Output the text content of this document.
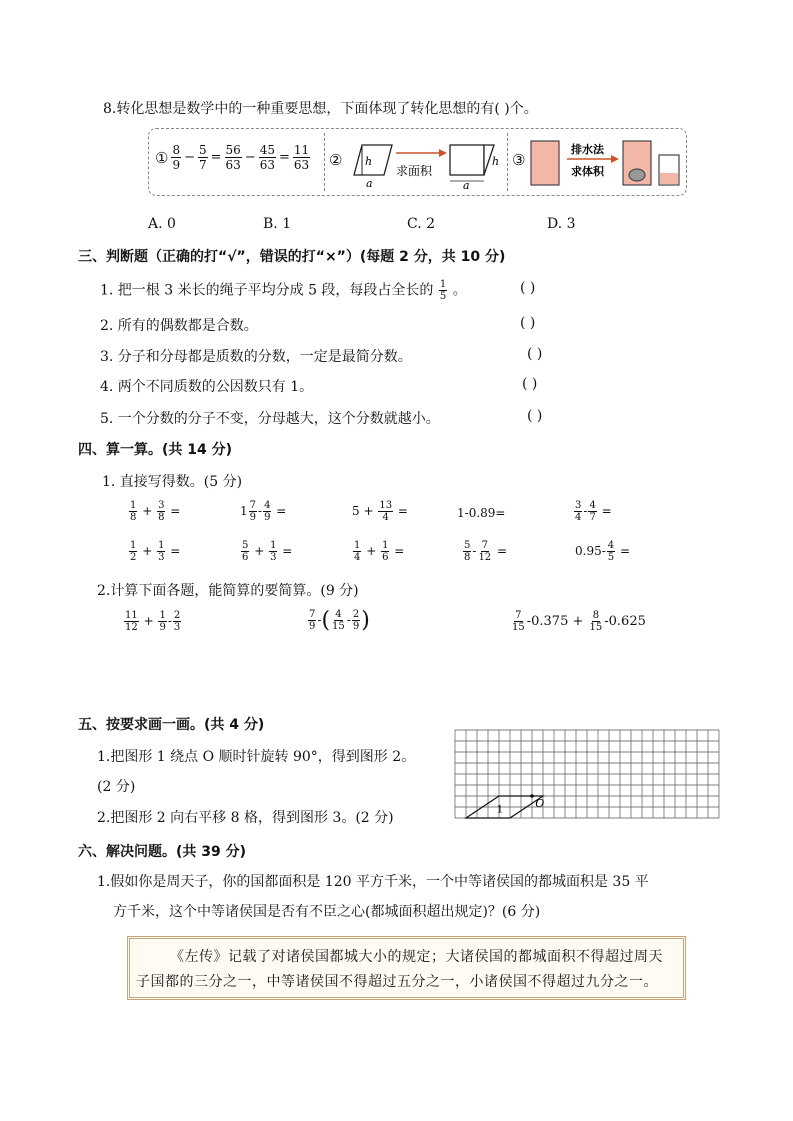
8.转化思想是数学中的一种重要思想，下面体现了转化思想的有( )个。
① $\frac{8}{9} - \frac{5}{7} = \frac{56}{63} - \frac{45}{63} = \frac{11}{63}$ ② h
a
求面积
h
a
③
排水法
求体积
A. 0	B. 1	C. 2	D. 3
三、判断题（正确的打“√”，错误的打“×”）(每题 2 分，共 10 分)
1. 把一根 3 米长的绳子平均分成 5 段，每段占全长的 $\frac{1}{5}$ 。	( )
2. 所有的偶数都是合数。	( )
3. 分子和分母都是质数的分数，一定是最简分数。	( )
4. 两个不同质数的公因数只有 1。	( )
5. 一个分数的分子不变，分母越大，这个分数就越小。	( )
四、算一算。(共 14 分)
1. 直接写得数。(5 分)
$\frac{1}{8} + \frac{3}{8}$ =	$1 \frac{7}{9} - \frac{4}{9}$ =	$5 + \frac{13}{4}$ =	1-0.89=	$\frac{3}{4} - \frac{4}{7}$ =
$\frac{1}{2} + \frac{1}{3}$ =	$\frac{5}{6} + \frac{1}{3}$ =	$\frac{1}{4} + \frac{1}{6}$ =	$\frac{5}{8} - \frac{7}{12}$ =	$0.95- \frac{4}{5}$ =
2.计算下面各题，能简算的要简算。(9 分)
$\frac{11}{12} + \frac{1}{9} - \frac{2}{3}$	$\frac{7}{9}$ -( $\frac{4}{15} - \frac{2}{9}$ )	$\frac{7}{15} -0.375 + \frac{8}{15} -0.625$
五、按要求画一画。(共 4 分)
1.把图形 1 绕点 O 顺时针旋转 90°，得到图形 2。
(2 分)
2.把图形 2 向右平移 8 格，得到图形 3。(2 分)	1	O
六、解决问题。(共 39 分)
1.假如你是周天子，你的国都面积是 120 平方千米，一个中等诸侯国的都城面积是 35 平
方千米，这个中等诸侯国是否有不臣之心(都城面积超出规定)？(6 分)
《左传》记载了对诸侯国都城大小的规定；大诸侯国的都城面积不得超过周天
子国都的三分之一，中等诸侯国不得超过五分之一，小诸侯国不得超过九分之一。
